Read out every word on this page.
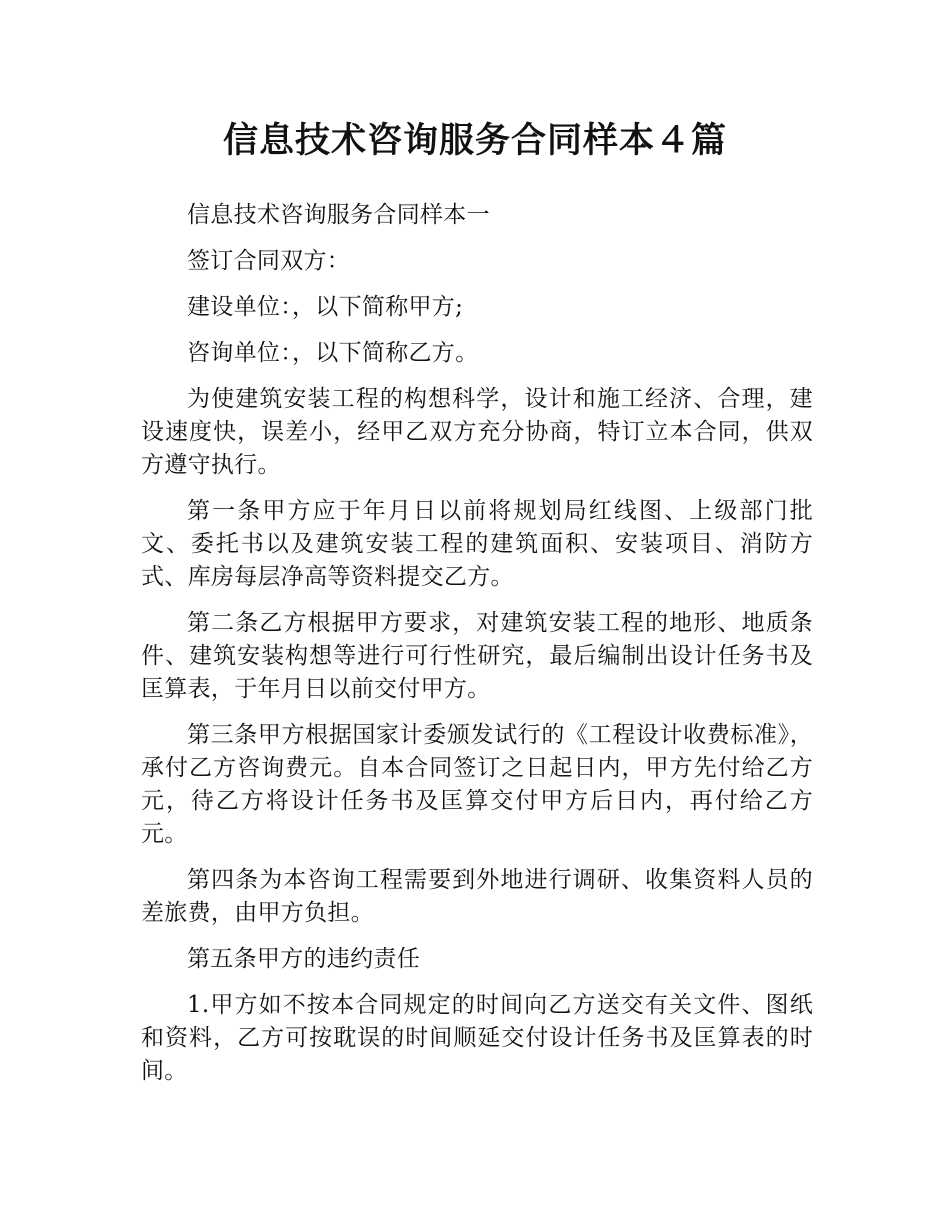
信息技术咨询服务合同样本４篇

信息技术咨询服务合同样本一

签订合同双方：

建设单位：，以下简称甲方;

咨询单位：，以下简称乙方。

为使建筑安装工程的构想科学，设计和施工经济、合理，建设速度快，误差小，经甲乙双方充分协商，特订立本合同，供双方遵守执行。

第一条甲方应于年月日以前将规划局红线图、上级部门批文、委托书以及建筑安装工程的建筑面积、安装项目、消防方式、库房每层净高等资料提交乙方。

第二条乙方根据甲方要求，对建筑安装工程的地形、地质条件、建筑安装构想等进行可行性研究，最后编制出设计任务书及匡算表，于年月日以前交付甲方。

第三条甲方根据国家计委颁发试行的《工程设计收费标准》，承付乙方咨询费元。自本合同签订之日起日内，甲方先付给乙方元，待乙方将设计任务书及匡算交付甲方后日内，再付给乙方元。

第四条为本咨询工程需要到外地进行调研、收集资料人员的差旅费，由甲方负担。

第五条甲方的违约责任

1.甲方如不按本合同规定的时间向乙方送交有关文件、图纸和资料，乙方可按耽误的时间顺延交付设计任务书及匡算表的时间。
